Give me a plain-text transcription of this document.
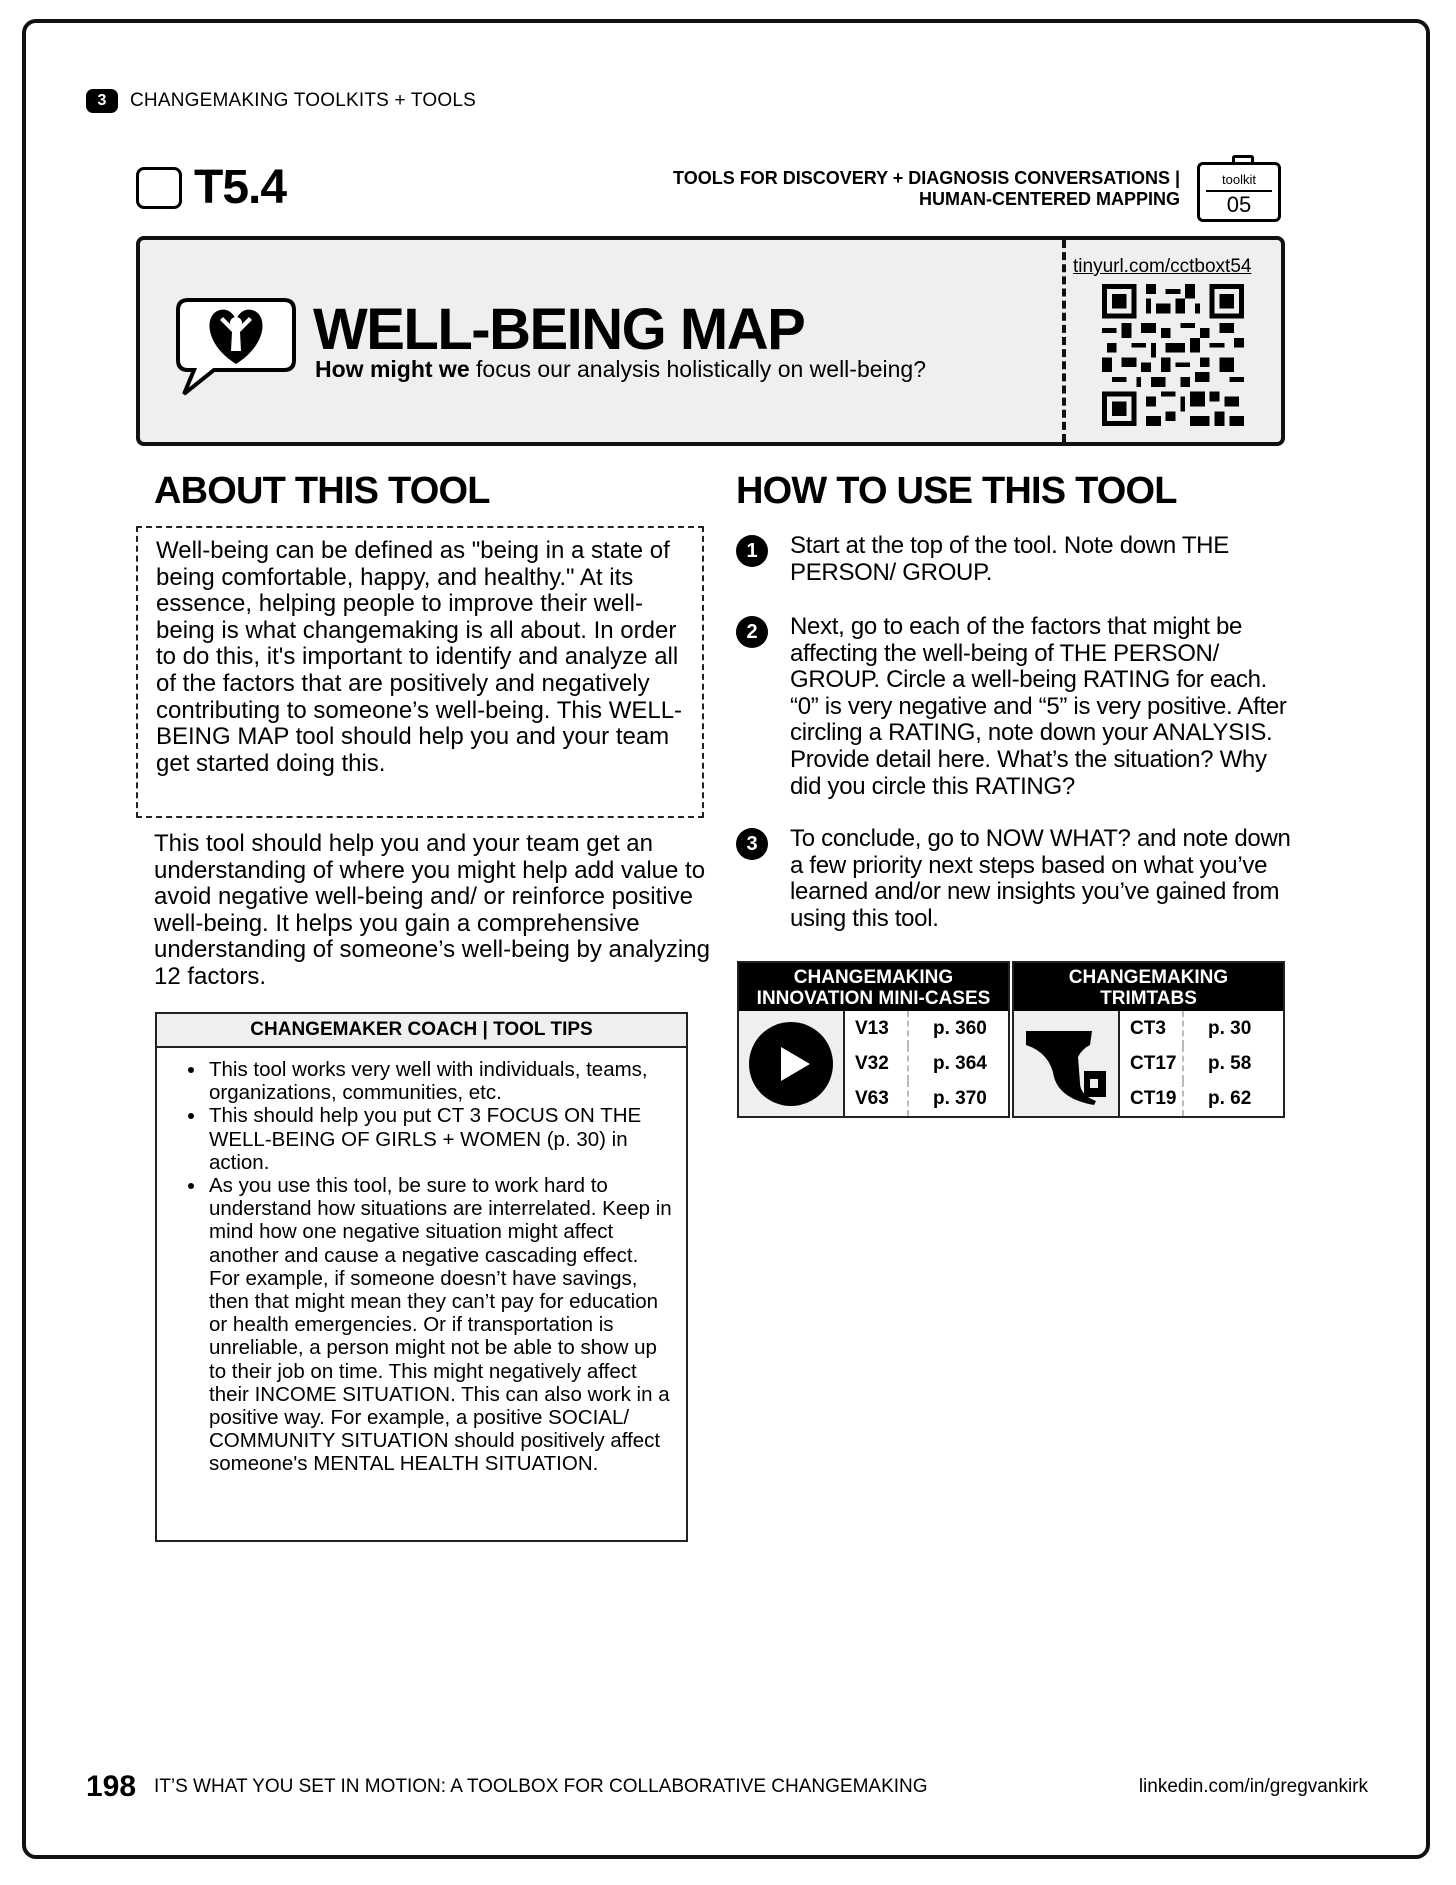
3	CHANGEMAKING TOOLKITS + TOOLS
T5.4	TOOLS FOR DISCOVERY + DIAGNOSIS CONVERSATIONS |
HUMAN-CENTERED MAPPING
toolkit
05
WELL-BEING MAP
How might we focus our analysis holistically on well-being?
tinyurl.com/cctboxt54
ABOUT THIS TOOL
Well-being can be defined as "being in a state of being comfortable, happy, and healthy." At its essence, helping people to improve their well-being is what changemaking is all about. In order to do this, it's important to identify and analyze all of the factors that are positively and negatively contributing to someone’s well-being. This WELL-BEING MAP tool should help you and your team get started doing this.
This tool should help you and your team get an understanding of where you might help add value to avoid negative well-being and/ or reinforce positive well-being. It helps you gain a comprehensive understanding of someone’s well-being by analyzing 12 factors.
CHANGEMAKER COACH | TOOL TIPS
• This tool works very well with individuals, teams, organizations, communities, etc.
• This should help you put CT 3 FOCUS ON THE WELL-BEING OF GIRLS + WOMEN (p. 30) in action.
• As you use this tool, be sure to work hard to understand how situations are interrelated. Keep in mind how one negative situation might affect another and cause a negative cascading effect. For example, if someone doesn’t have savings, then that might mean they can’t pay for education or health emergencies. Or if transportation is unreliable, a person might not be able to show up to their job on time. This might negatively affect their INCOME SITUATION. This can also work in a positive way. For example, a positive SOCIAL/ COMMUNITY SITUATION should positively affect someone's MENTAL HEALTH SITUATION.
HOW TO USE THIS TOOL
1	Start at the top of the tool. Note down THE PERSON/ GROUP.
2	Next, go to each of the factors that might be affecting the well-being of THE PERSON/ GROUP. Circle a well-being RATING for each. “0” is very negative and “5” is very positive. After circling a RATING, note down your ANALYSIS. Provide detail here. What’s the situation? Why did you circle this RATING?
3	To conclude, go to NOW WHAT? and note down a few priority next steps based on what you’ve learned and/or new insights you’ve gained from using this tool.
CHANGEMAKING
INNOVATION MINI-CASES
V13	p. 360
V32	p. 364
V63	p. 370
CHANGEMAKING
TRIMTABS
CT3	p. 30
CT17	p. 58
CT19	p. 62
198 IT’S WHAT YOU SET IN MOTION: A TOOLBOX FOR COLLABORATIVE CHANGEMAKING	linkedin.com/in/gregvankirk
